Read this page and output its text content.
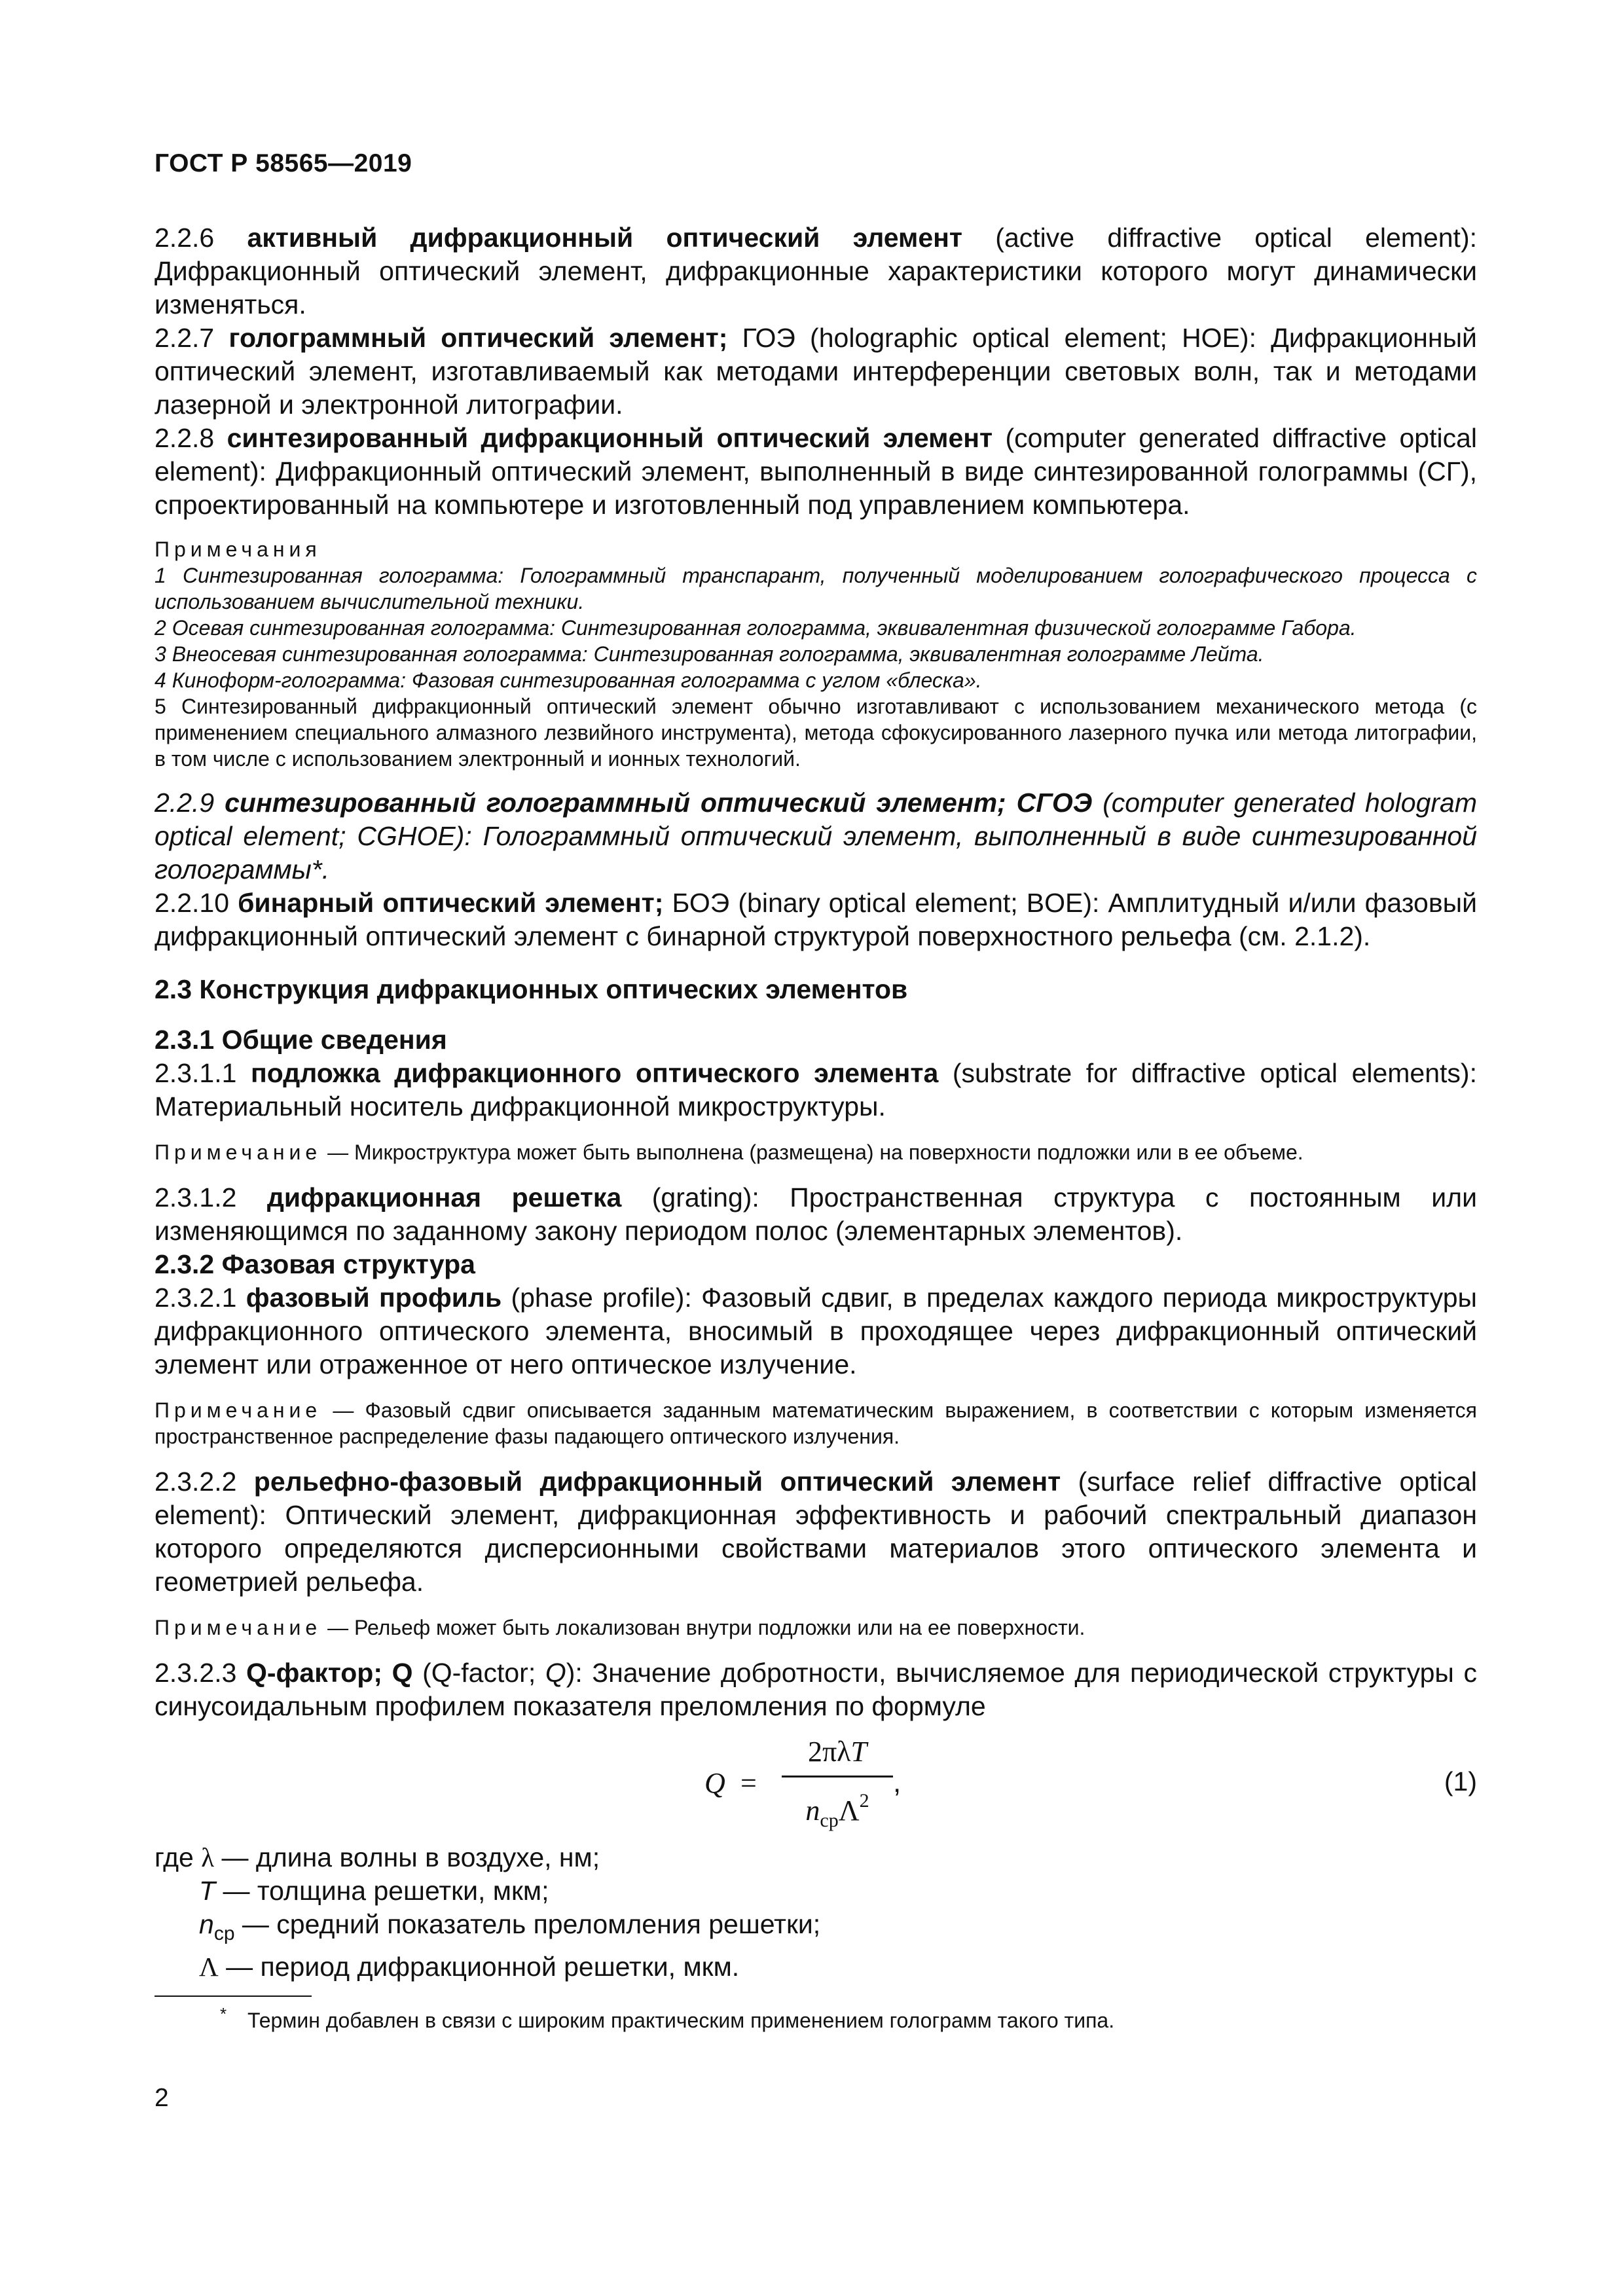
ГОСТ Р 58565—2019

2.2.6 активный дифракционный оптический элемент (active diffractive optical element): Дифракционный оптический элемент, дифракционные характеристики которого могут динамически изменяться.

2.2.7 голограммный оптический элемент; ГОЭ (holographic optical element; HOE): Дифракционный оптический элемент, изготавливаемый как методами интерференции световых волн, так и методами лазерной и электронной литографии.

2.2.8 синтезированный дифракционный оптический элемент (computer generated diffractive optical element): Дифракционный оптический элемент, выполненный в виде синтезированной голограммы (СГ), спроектированный на компьютере и изготовленный под управлением компьютера.

Примечания

1 Синтезированная голограмма: Голограммный транспарант, полученный моделированием голографического процесса с использованием вычислительной техники.

2 Осевая синтезированная голограмма: Синтезированная голограмма, эквивалентная физической голограмме Габора.

3 Внеосевая синтезированная голограмма: Синтезированная голограмма, эквивалентная голограмме Лейта.

4 Киноформ-голограмма: Фазовая синтезированная голограмма с углом «блеска».

5 Синтезированный дифракционный оптический элемент обычно изготавливают с использованием механического метода (с применением специального алмазного лезвийного инструмента), метода сфокусированного лазерного пучка или метода литографии, в том числе с использованием электронный и ионных технологий.

2.2.9 синтезированный голограммный оптический элемент; СГОЭ (computer generated hologram optical element; CGHOE): Голограммный оптический элемент, выполненный в виде синтезированной голограммы*.

2.2.10 бинарный оптический элемент; БОЭ (binary optical element; BOE): Амплитудный и/или фазовый дифракционный оптический элемент с бинарной структурой поверхностного рельефа (см. 2.1.2).

2.3 Конструкция дифракционных оптических элементов

2.3.1 Общие сведения

2.3.1.1 подложка дифракционного оптического элемента (substrate for diffractive optical elements): Материальный носитель дифракционной микроструктуры.

Примечание — Микроструктура может быть выполнена (размещена) на поверхности подложки или в ее объеме.

2.3.1.2 дифракционная решетка (grating): Пространственная структура с постоянным или изменяющимся по заданному закону периодом полос (элементарных элементов).

2.3.2 Фазовая структура

2.3.2.1 фазовый профиль (phase profile): Фазовый сдвиг, в пределах каждого периода микроструктуры дифракционного оптического элемента, вносимый в проходящее через дифракционный оптический элемент или отраженное от него оптическое излучение.

Примечание — Фазовый сдвиг описывается заданным математическим выражением, в соответствии с которым изменяется пространственное распределение фазы падающего оптического излучения.

2.3.2.2 рельефно-фазовый дифракционный оптический элемент (surface relief diffractive optical element): Оптический элемент, дифракционная эффективность и рабочий спектральный диапазон которого определяются дисперсионными свойствами материалов этого оптического элемента и геометрией рельефа.

Примечание — Рельеф может быть локализован внутри подложки или на ее поверхности.

2.3.2.3 Q-фактор; Q (Q-factor; Q): Значение добротности, вычисляемое для периодической структуры с синусоидальным профилем показателя преломления по формуле

Q =
2πλT
$n_{ср}\Lambda^2$
,	(1)

где λ — длина волны в воздухе, нм;

T — толщина решетки, мкм;

$n_{ср}$ — средний показатель преломления решетки;

Λ — период дифракционной решетки, мкм.

* Термин добавлен в связи с широким практическим применением голограмм такого типа.

2
